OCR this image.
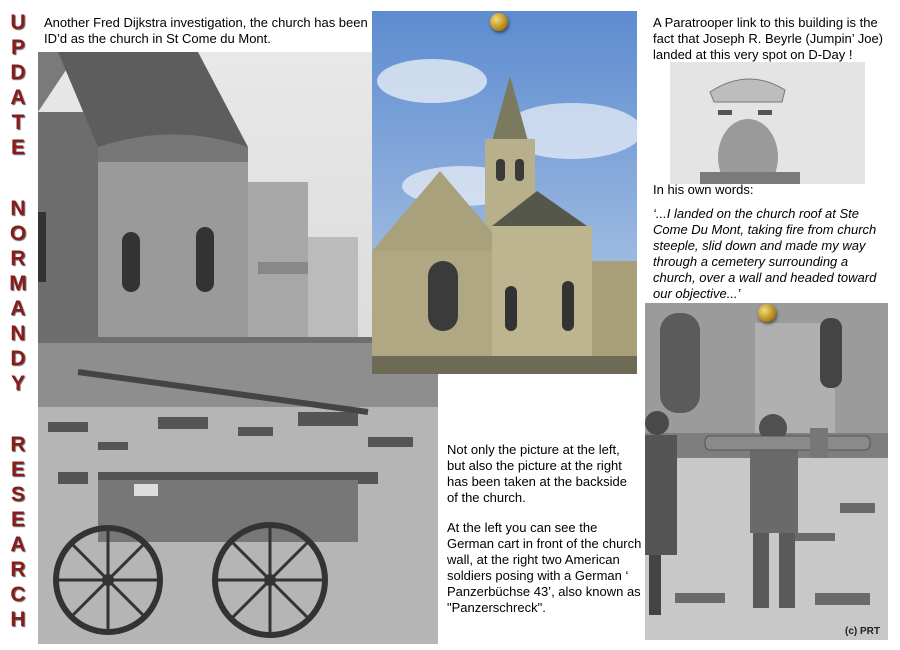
U
P
D
A
T
E
N
O
R
M
A
N
D
Y
R
E
S
E
A
R
C
H
Another Fred Dijkstra investigation, the church has been ID’d as the church in St Come du Mont.
A Paratrooper link to this building is the fact that Joseph R. Beyrle (Jumpin’ Joe) landed at this very spot on D-Day !
In his own words:
‘...I landed on the church roof at Ste Come Du Mont, taking fire from church steeple, slid down and made my way through a cemetery surrounding a church, over a wall and headed toward our objective...’
Not only the picture at the left, but also the picture at the right has been taken at the backside of the church.
At the left you can see the German cart in front of the church wall, at the right two American soldiers posing with a German ‘ Panzerbüchse 43’, also known as "Panzerschreck".
(c) PRT
